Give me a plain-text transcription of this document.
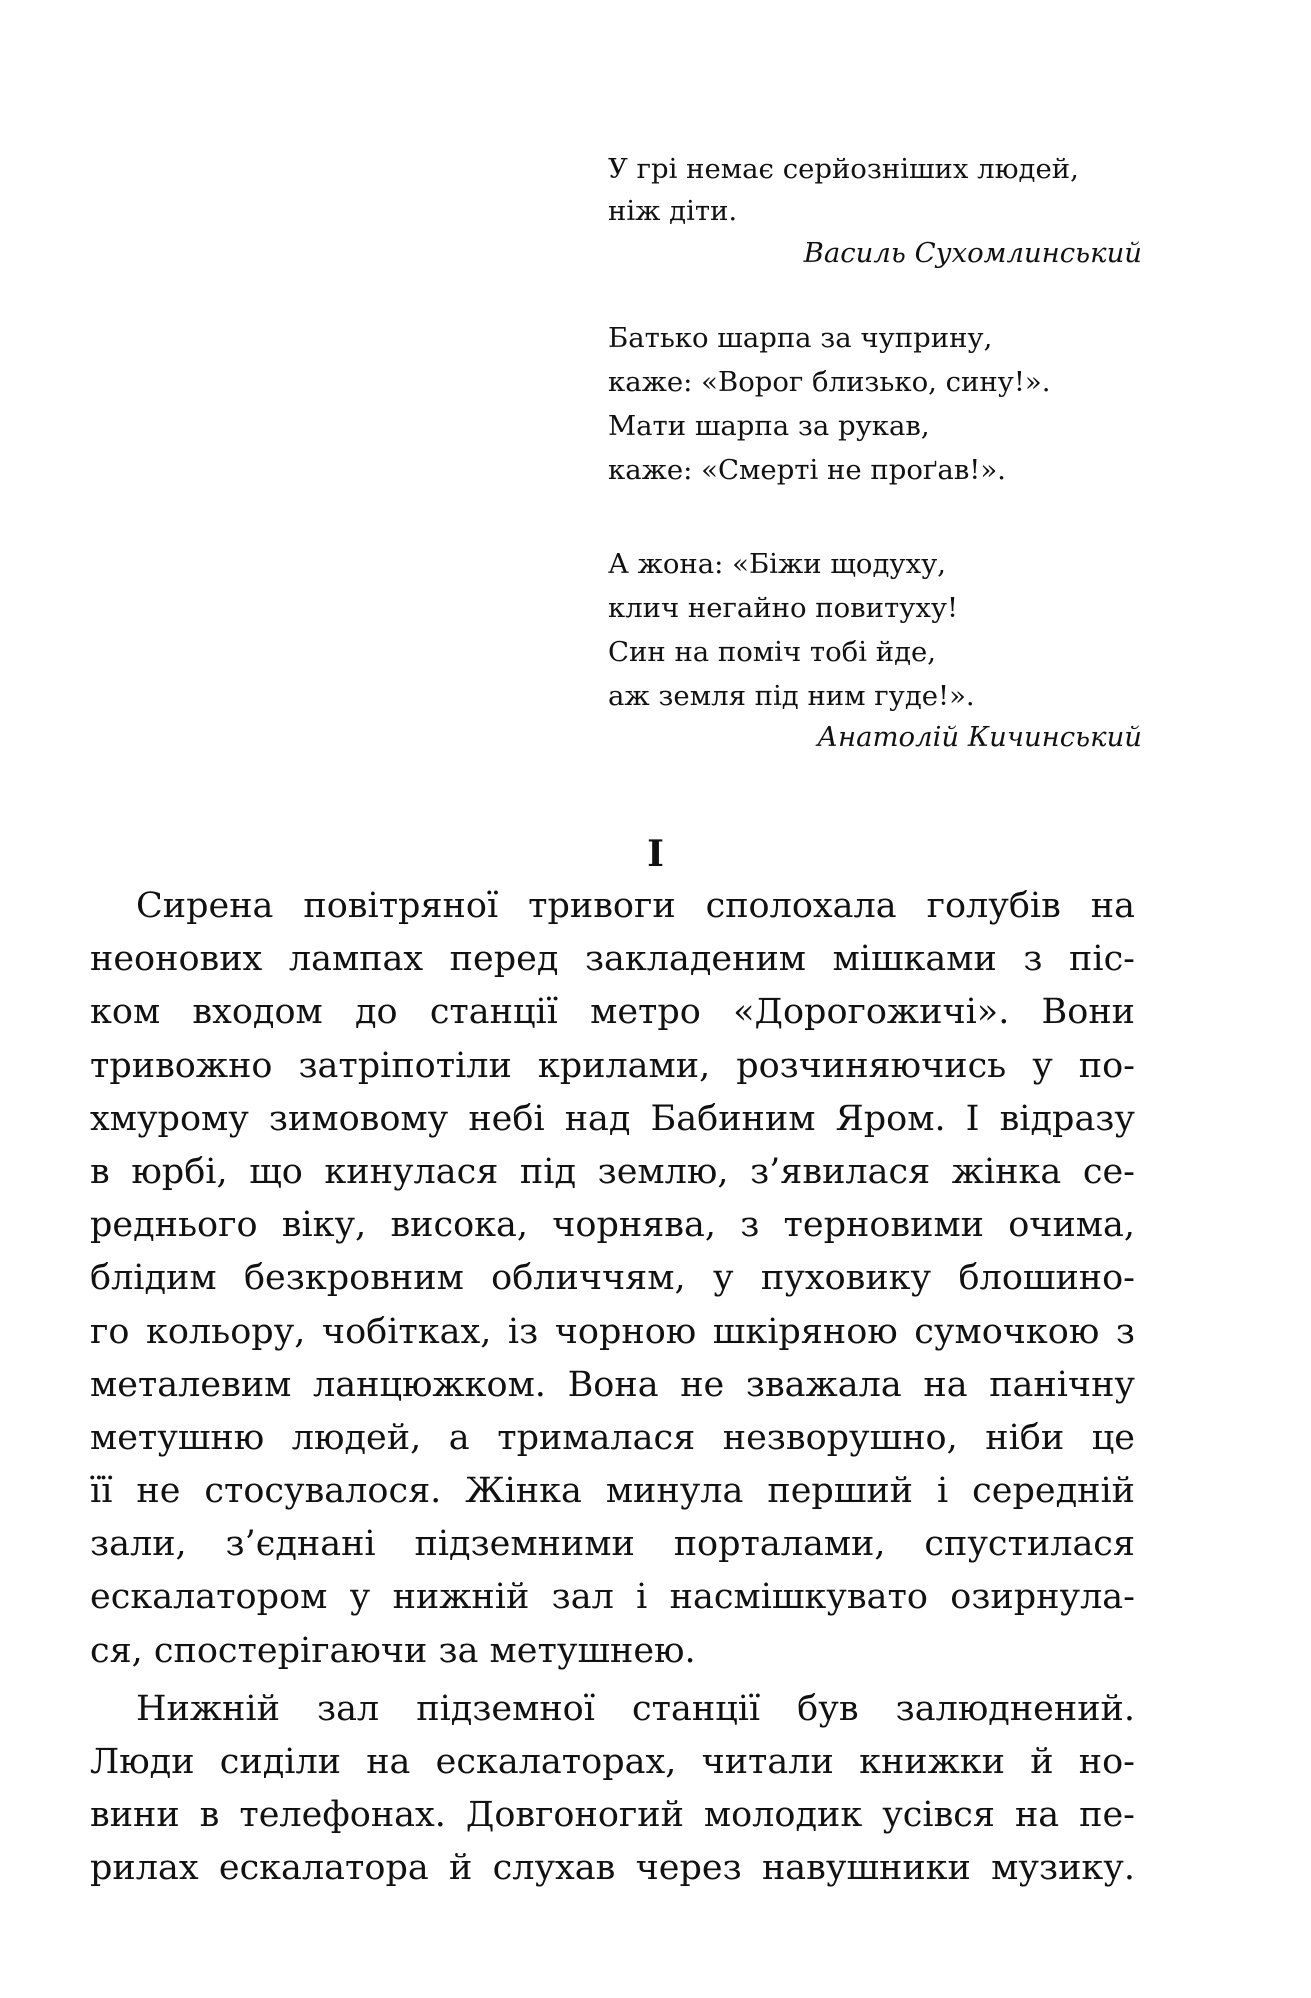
У грі немає серйозніших людей,
ніж діти.
Василь Сухомлинський
Батько шарпа за чуприну,
каже: «Ворог близько, сину!».
Мати шарпа за рукав,
каже: «Смерті не проґав!».
А жона: «Біжи щодуху,
клич негайно повитуху!
Син на поміч тобі йде,
аж земля під ним гуде!».
Анатолій Кичинський
I
Сирена повітряної тривоги сполохала голубів на
неонових лампах перед закладеним мішками з піс-
ком входом до станції метро «Дорогожичі». Вони
тривожно затріпотіли крилами, розчиняючись у по-
хмурому зимовому небі над Бабиним Яром. І відразу
в юрбі, що кинулася під землю, з’явилася жінка се-
реднього віку, висока, чорнява, з терновими очима,
блідим безкровним обличчям, у пуховику блошино-
го кольору, чобітках, із чорною шкіряною сумочкою з
металевим ланцюжком. Вона не зважала на панічну
метушню людей, а трималася незворушно, ніби це
її не стосувалося. Жінка минула перший і середній
зали, з’єднані підземними порталами, спустилася
ескалатором у нижній зал і насмішкувато озирнула-
ся, спостерігаючи за метушнею.
Нижній зал підземної станції був залюднений.
Люди сиділи на ескалаторах, читали книжки й но-
вини в телефонах. Довгоногий молодик усівся на пе-
рилах ескалатора й слухав через навушники музику.
